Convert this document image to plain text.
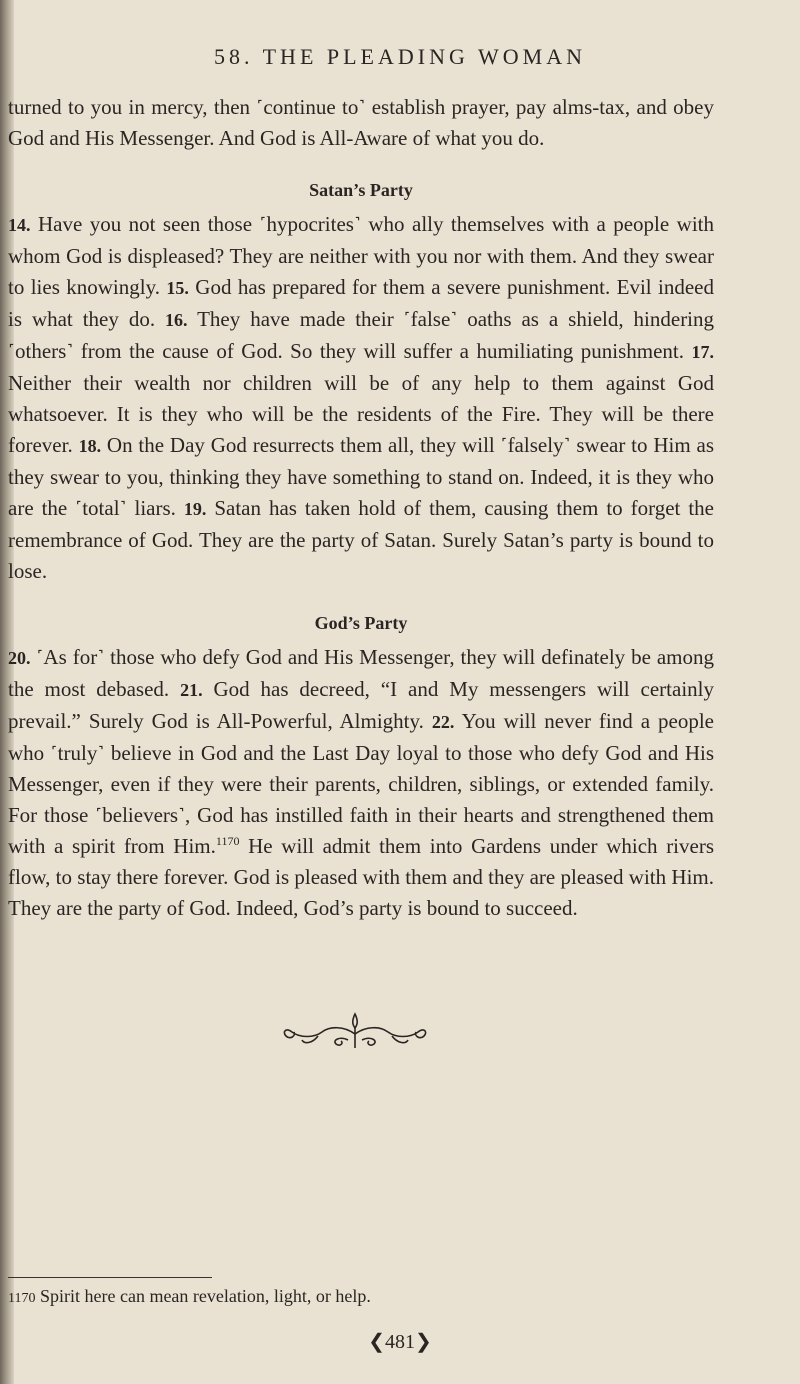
58. THE PLEADING WOMAN

turned to you in mercy, then ˹continue to˺ establish prayer, pay alms-tax, and obey God and His Messenger. And God is All-Aware of what you do.

Satan’s Party

14. Have you not seen those ˹hypocrites˺ who ally themselves with a people with whom God is displeased? They are neither with you nor with them. And they swear to lies knowingly. 15. God has prepared for them a severe punishment. Evil indeed is what they do. 16. They have made their ˹false˺ oaths as a shield, hindering ˹others˺ from the cause of God. So they will suffer a humiliating punishment. 17. Neither their wealth nor children will be of any help to them against God whatsoever. It is they who will be the residents of the Fire. They will be there forever. 18. On the Day God resurrects them all, they will ˹falsely˺ swear to Him as they swear to you, thinking they have something to stand on. Indeed, it is they who are the ˹total˺ liars. 19. Satan has taken hold of them, causing them to forget the remembrance of God. They are the party of Satan. Surely Satan’s party is bound to lose.

God’s Party

20. ˹As for˺ those who defy God and His Messenger, they will definately be among the most debased. 21. God has decreed, “I and My messengers will certainly prevail.” Surely God is All-Powerful, Almighty. 22. You will never find a people who ˹truly˺ believe in God and the Last Day loyal to those who defy God and His Messenger, even if they were their parents, children, siblings, or extended family. For those ˹believers˺, God has instilled faith in their hearts and strengthened them with a spirit from Him.$^{1170}$ He will admit them into Gardens under which rivers flow, to stay there forever. God is pleased with them and they are pleased with Him. They are the party of God. Indeed, God’s party is bound to succeed.

1170 Spirit here can mean revelation, light, or help.
❮481❯
